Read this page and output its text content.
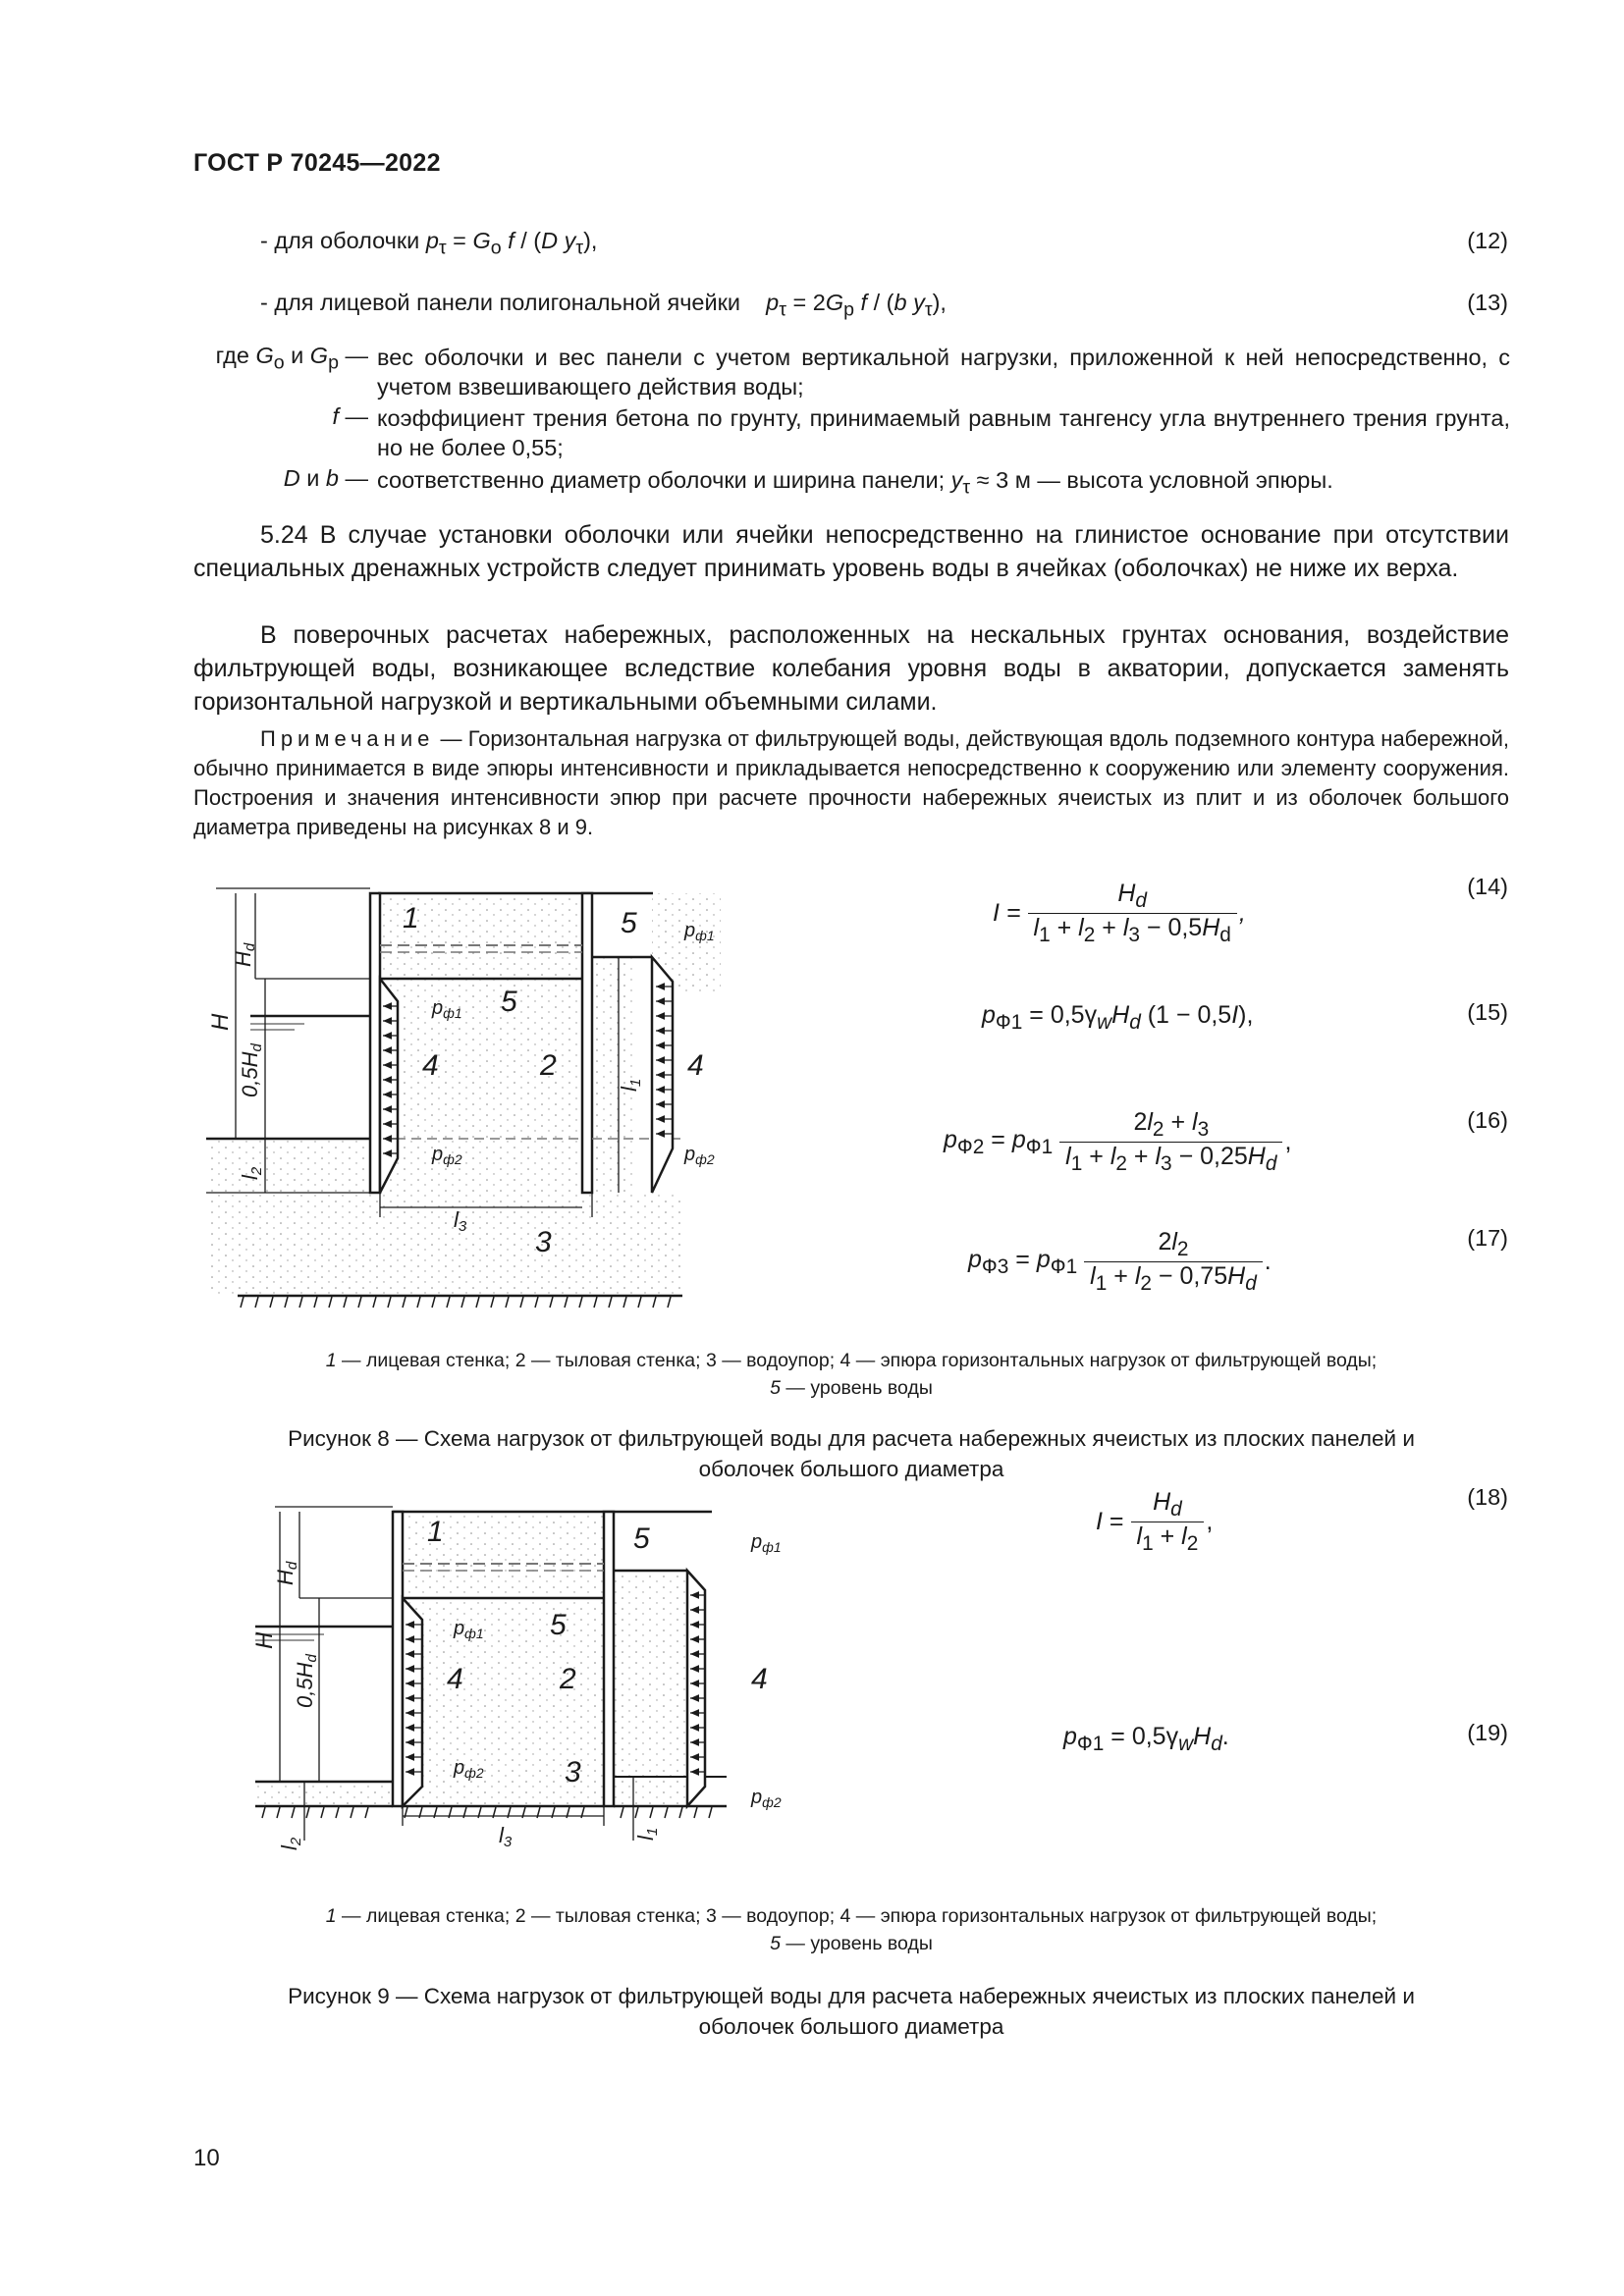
ГОСТ Р 70245—2022
- для оболочки $p_\tau = G_o$ f / (D $y_\tau$),	(12)
- для лицевой панели полигональной ячейки $p_\tau = 2G_p$ f / (b $y_\tau$),	(13)
где $G_o$ и $G_p$ — вес оболочки и вес панели с учетом вертикальной нагрузки, приложенной к ней непосредственно, с учетом взвешивающего действия воды;
f — коэффициент трения бетона по грунту, принимаемый равным тангенсу угла внутреннего трения грунта, но не более 0,55;
D и b — соответственно диаметр оболочки и ширина панели; $y_\tau \approx 3$ м — высота условной эпюры.
5.24 В случае установки оболочки или ячейки непосредственно на глинистое основание при отсутствии специальных дренажных устройств следует принимать уровень воды в ячейках (оболочках) не ниже их верха.
В поверочных расчетах набережных, расположенных на нескальных грунтах основания, воздействие фильтрующей воды, возникающее вследствие колебания уровня воды в акватории, допускается заменять горизонтальной нагрузкой и вертикальными объемными силами.
Примечание — Горизонтальная нагрузка от фильтрующей воды, действующая вдоль подземного контура набережной, обычно принимается в виде эпюры интенсивности и прикладывается непосредственно к сооружению или элементу сооружения. Построения и значения интенсивности эпюр при расчете прочности набережных ячеистых из плит и из оболочек большого диаметра приведены на рисунках 8 и 9.
1	5
5
2
4	4
3
$p_{ф1}$
$p_{ф2}$
$p_{ф1}$
$p_{ф2}$
l3
H
Hd
0,5Hd
l2
l1
I =	
$H_d$
$l_1 + l_2 + l_3 - 0,5H_d$
	,
(14)
$p_{Ф1} = 0,5\gamma_wH_d$ (1 − 0,5I),	(15)
$p_{Ф2} = p_{Ф1}$	
$2l_2 + l_3$
$l_1 + l_2 + l_3 - 0,25H_d$
	,
(16)
$p_{Ф3} = p_{Ф1}$	
$2l_2$
$l_1 + l_2 - 0,75H_d$
	.
(17)
1 — лицевая стенка; 2 — тыловая стенка; 3 — водоупор; 4 — эпюра горизонтальных нагрузок от фильтрующей воды;
5 — уровень воды
Рисунок 8 — Схема нагрузок от фильтрующей воды для расчета набережных ячеистых из плоских панелей и
оболочек большого диаметра
1	5
5
2
4	4
3
$p_{ф1}$
$p_{ф2}$
$p_{ф1}$
$p_{ф2}$
l3
H
Hd
0,5Hd
l2	l1
I =	
$H_d$
$l_1 + l_2$
	,
(18)
$p_{Ф1} = 0,5\gamma_wH_d$.	(19)
1 — лицевая стенка; 2 — тыловая стенка; 3 — водоупор; 4 — эпюра горизонтальных нагрузок от фильтрующей воды;
5 — уровень воды
Рисунок 9 — Схема нагрузок от фильтрующей воды для расчета набережных ячеистых из плоских панелей и
оболочек большого диаметра
10
